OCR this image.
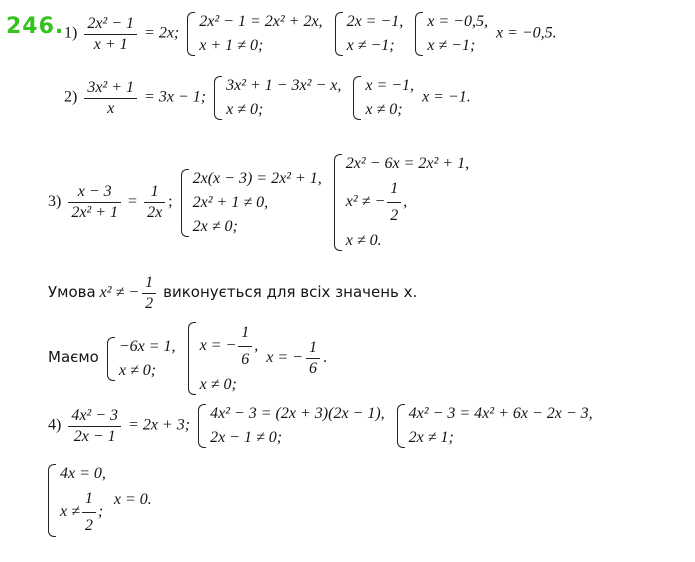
246. $1) \frac{\text{2x² − 1}}{x + 1} = 2x$;
2x² − 1 = 2x² + 2x,
x + 1 ≠ 0;

2x = −1,
x ≠ −1;

x = −0,5,
x ≠ −1;
x = −0,5.
$2) \frac{\text{3x² + 1}}{x} = 3x - 1$;
3x² + 1 − 3x² − x,
x ≠ 0;

x = −1,
x ≠ 0;
x = −1.
$3) \frac{x - 3}{\text{2x² + 1}} = \frac{1}{2x}$ ;
2x(x − 3) = 2x² + 1,
2x² + 1 ≠ 0,
2x ≠ 0;

2x² − 6x = 2x² + 1,
x² ≠ − $\frac{1}{2}$ ,
x ≠ 0.
Умова x² ≠ − $\frac{1}{2}$ виконується для всіх значень x.
Маємо
−6x = 1,
x ≠ 0;

x = − $\frac{1}{6}$ ,
x ≠ 0;
x = − $\frac{1}{6}$ .
$4) \frac{\text{4x² − 3}}{2x - 1} = 2x + 3$;
4x² − 3 = (2x + 3)(2x − 1),
2x − 1 ≠ 0;

4x² − 3 = 4x² + 6x − 2x − 3,
2x ≠ 1;
4x = 0,
$x \ne \frac{1}{2}$ ;
x = 0.
